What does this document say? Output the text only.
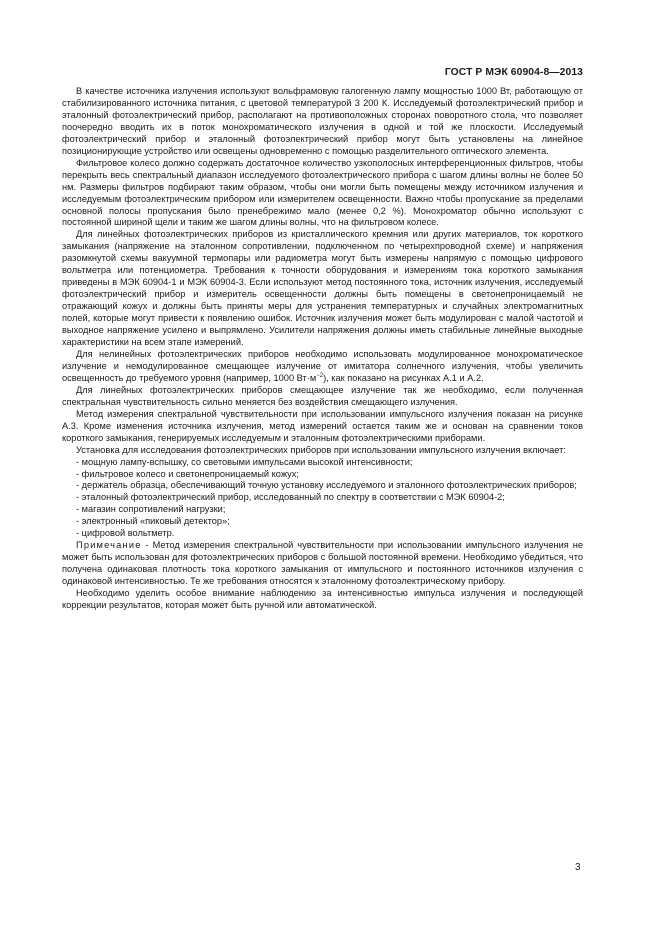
ГОСТ Р МЭК 60904-8—2013

В качестве источника излучения используют вольфрамовую галогенную лампу мощностью 1000 Вт, работающую от стабилизированного источника питания, с цветовой температурой 3 200 К. Исследуемый фотоэлектрический прибор и эталонный фотоэлектрический прибор, располагают на противоположных сторонах поворотного стола, что позволяет поочередно вводить их в поток монохроматического излучения в одной и той же плоскости. Исследуемый фотоэлектрический прибор и эталонный фотоэлектрический прибор могут быть установлены на линейное позиционирующие устройство или освещены одновременно с помощью разделительного оптического элемента.

Фильтровое колесо должно содержать достаточное количество узкополосных интерференционных фильтров, чтобы перекрыть весь спектральный диапазон исследуемого фотоэлектрического прибора с шагом длины волны не более 50 нм. Размеры фильтров подбирают таким образом, чтобы они могли быть помещены между источником излучения и исследуемым фотоэлектрическим прибором или измерителем освещенности. Важно чтобы пропускание за пределами основной полосы пропускания было пренебрежимо мало (менее 0,2 %). Монохроматор обычно используют с постоянной шириной щели и таким же шагом длины волны, что на фильтровом колесе.

Для линейных фотоэлектрических приборов из кристаллического кремния или других материалов, ток короткого замыкания (напряжение на эталонном сопротивлении, подключенном по четырехпроводной схеме) и напряжения разомкнутой схемы вакуумной термопары или радиометра могут быть измерены напрямую с помощью цифрового вольтметра или потенциометра. Требования к точности оборудования и измерениям тока короткого замыкания приведены в МЭК 60904-1 и МЭК 60904-3. Если используют метод постоянного тока, источник излучения, исследуемый фотоэлектрический прибор и измеритель освещенности должны быть помещены в светонепроницаемый не отражающий кожух и должны быть приняты меры для устранения температурных и случайных электромагнитных полей, которые могут привести к появлению ошибок. Источник излучения может быть модулирован с малой частотой и выходное напряжение усилено и выпрямлено. Усилители напряжения должны иметь стабильные линейные выходные характеристики на всем этапе измерений.

Для нелинейных фотоэлектрических приборов необходимо использовать модулированное монохроматическое излучение и немодулированное смещающее излучение от имитатора солнечного излучения, чтобы увеличить освещенность до требуемого уровня (например, 1000 $Вт\cdot м^{-2}$), как показано на рисунках А.1 и А.2.

Для линейных фотоэлектрических приборов смещающее излучение так же необходимо, если полученная спектральная чувствительность сильно меняется без воздействия смещающего излучения.

Метод измерения спектральной чувствительности при использовании импульсного излучения показан на рисунке А.3. Кроме изменения источника излучения, метод измерений остается таким же и основан на сравнении токов короткого замыкания, генерируемых исследуемым и эталонным фотоэлектрическими приборами.

Установка для исследования фотоэлектрических приборов при использовании импульсного излучения включает:

- мощную лампу-вспышку, со световыми импульсами высокой интенсивности;

- фильтровое колесо и светонепроницаемый кожух;

- держатель образца, обеспечивающий точную установку исследуемого и эталонного фотоэлектрических приборов;

- эталонный фотоэлектрический прибор, исследованный по спектру в соответствии с МЭК 60904-2;

- магазин сопротивлений нагрузки;

- электронный «пиковый детектор»;

- цифровой вольтметр.

Примечание - Метод измерения спектральной чувствительности при использовании импульсного излучения не может быть использован для фотоэлектрических приборов с большой постоянной времени. Необходимо убедиться, что получена одинаковая плотность тока короткого замыкания от импульсного и постоянного источников излучения с одинаковой интенсивностью. Те же требования относятся к эталонному фотоэлектрическому прибору.

Необходимо уделить особое внимание наблюдению за интенсивностью импульса излучения и последующей коррекции результатов, которая может быть ручной или автоматической.

3
